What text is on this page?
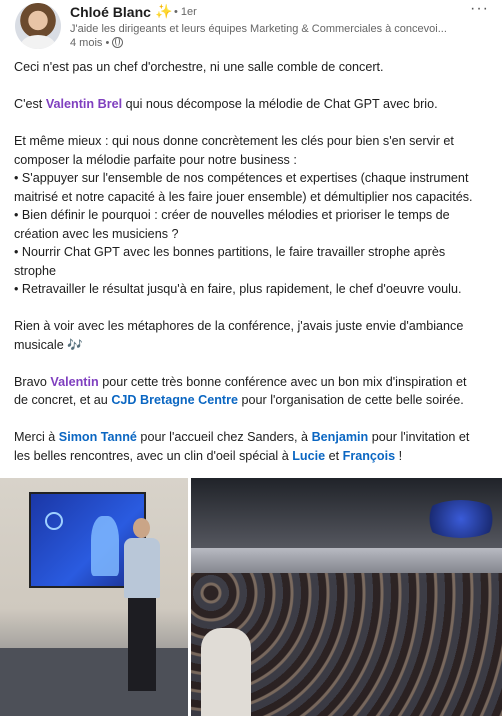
Chloé Blanc ✨ • 1er
J'aide les dirigeants et leurs équipes Marketing & Commerciales à concevoi...
4 mois •
···
Ceci n'est pas un chef d'orchestre, ni une salle comble de concert.
C'est Valentin Brel qui nous décompose la mélodie de Chat GPT avec brio.
Et même mieux : qui nous donne concrètement les clés pour bien s'en servir et
composer la mélodie parfaite pour notre business :
• S'appuyer sur l'ensemble de nos compétences et expertises (chaque instrument
maitrisé et notre capacité à les faire jouer ensemble) et démultiplier nos capacités.
• Bien définir le pourquoi : créer de nouvelles mélodies et prioriser le temps de
création avec les musiciens ?
• Nourrir Chat GPT avec les bonnes partitions, le faire travailler strophe après
strophe
• Retravailler le résultat jusqu'à en faire, plus rapidement, le chef d'oeuvre voulu.
Rien à voir avec les métaphores de la conférence, j'avais juste envie d'ambiance
musicale 🎶
Bravo Valentin pour cette très bonne conférence avec un bon mix d'inspiration et
de concret, et au CJD Bretagne Centre pour l'organisation de cette belle soirée.
Merci à Simon Tanné pour l'accueil chez Sanders, à Benjamin pour l'invitation et
les belles rencontres, avec un clin d'oeil spécial à Lucie et François !
